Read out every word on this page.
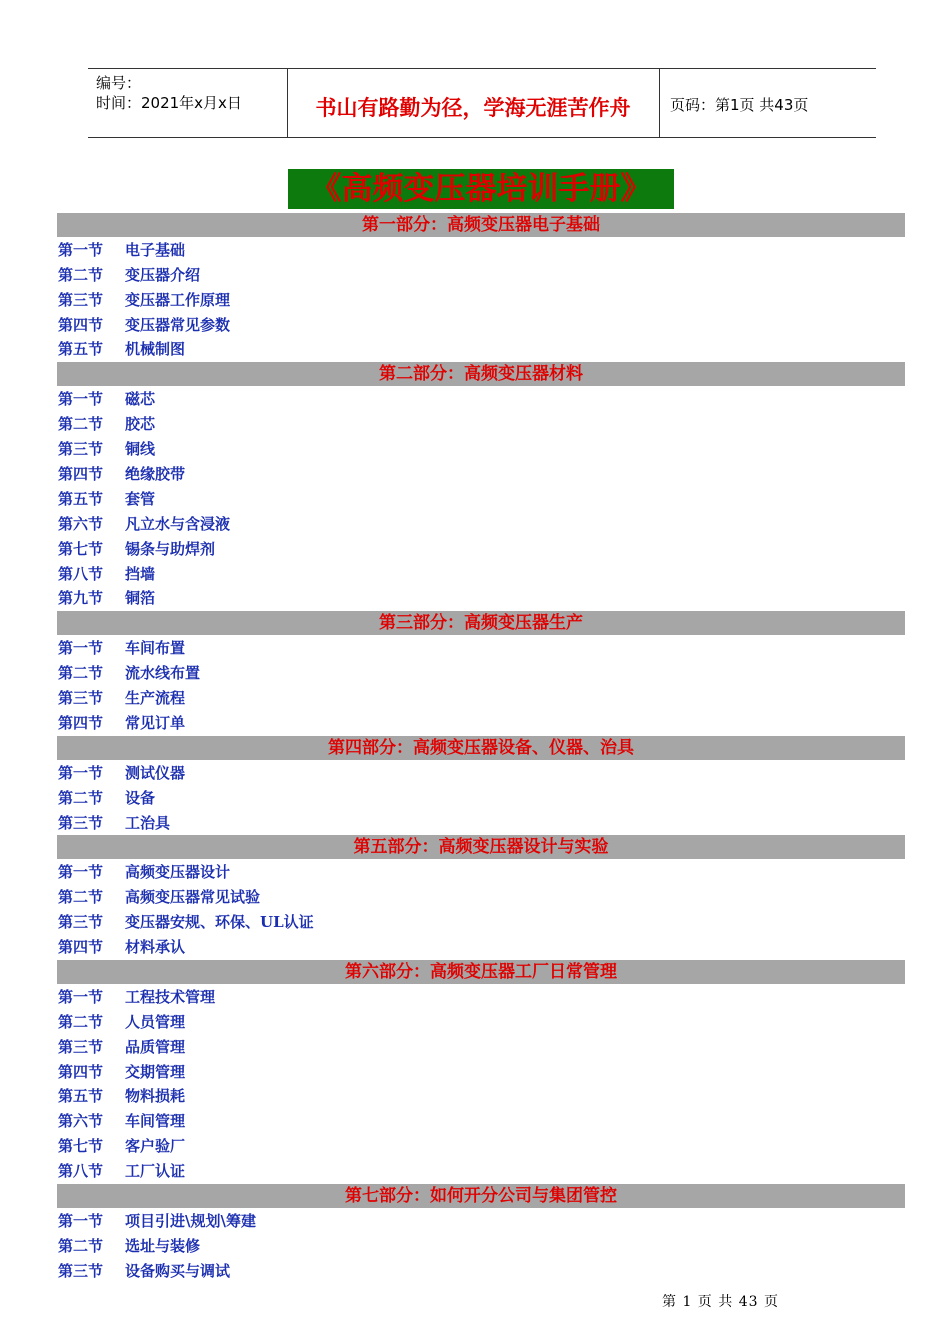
编号：
时间：2021年x月x日	书山有路勤为径，学海无涯苦作舟	页码：第1页 共43页
《高频变压器培训手册》
第一部分：高频变压器电子基础
第一节 电子基础
第二节 变压器介绍
第三节 变压器工作原理
第四节 变压器常见参数
第五节 机械制图
第二部分：高频变压器材料
第一节 磁芯
第二节 胶芯
第三节 铜线
第四节 绝缘胶带
第五节 套管
第六节 凡立水与含浸液
第七节 锡条与助焊剂
第八节 挡墙
第九节 铜箔
第三部分：高频变压器生产
第一节 车间布置
第二节 流水线布置
第三节 生产流程
第四节 常见订单
第四部分：高频变压器设备、仪器、治具
第一节 测试仪器
第二节 设备
第三节 工治具
第五部分：高频变压器设计与实验
第一节 高频变压器设计
第二节 高频变压器常见试验
第三节 变压器安规、环保、UL认证
第四节 材料承认
第六部分：高频变压器工厂日常管理
第一节 工程技术管理
第二节 人员管理
第三节 品质管理
第四节 交期管理
第五节 物料损耗
第六节 车间管理
第七节 客户验厂
第八节 工厂认证
第七部分：如何开分公司与集团管控
第一节 项目引进\规划\筹建
第二节 选址与装修
第三节 设备购买与调试
第 1 页 共 43 页
